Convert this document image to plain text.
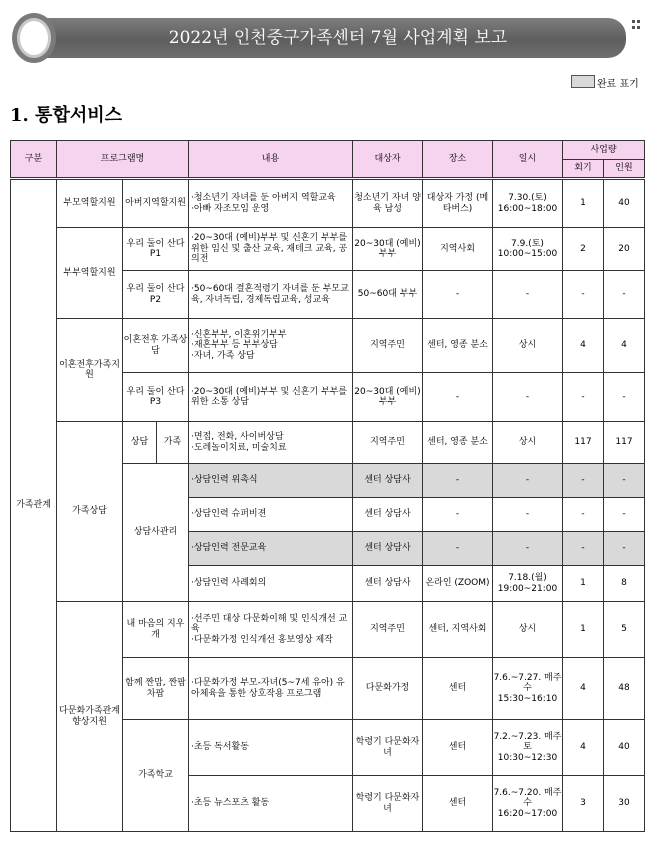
2022년 인천중구가족센터 7월 사업계획 보고
완료 표기
1. 통합서비스
구분	프로그램명			내용	대상자	장소	일시	사업량	
								회기	인원
가족관계	부모역할지원	아버지역할지원		·청소년기 자녀를 둔 아버지 역할교육
·아빠 자조모임 운영	청소년기 자녀 양육 남성	대상자 가정 (메타버스)	7.30.(토) 16:00~18:00	1	40
	부부역할지원	우리 둘이 산다 P1		·20~30대 (예비)부부 및 신혼기 부부를 위한 임신 및 출산 교육, 재테크 교육, 공의전	20~30대 (예비)부부	지역사회	7.9.(토) 10:00~15:00	2	20
		우리 둘이 산다 P2		·50~60대 결혼적령기 자녀를 둔 부모교육, 자녀독립, 경제독립교육, 성교육	50~60대 부부	-	-	-	-
	이혼전후가족지원	이혼전후 가족상담		·신혼부부, 이혼위기부부
·재혼부부 등 부부상담
·자녀, 가족 상담	지역주민	센터, 영종 분소	상시	4	4
		우리 둘이 산다 P3		·20~30대 (예비)부부 및 신혼기 부부를 위한 소통 상담	20~30대 (예비)부부	-	-	-	-
	가족상담	상담	가족	·면접, 전화, 사이버상담
·도레놀이치료, 미술치료	지역주민	센터, 영종 분소	상시	117	117
		상담사관리		·상담인력 위촉식	센터 상담사	-	-	-	-
				·상담인력 슈퍼비젼	센터 상담사	-	-	-	-
				·상담인력 전문교육	센터 상담사	-	-	-	-
				·상담인력 사례회의	센터 상담사	온라인 (ZOOM)	7.18.(월) 19:00~21:00	1	8
	다문화가족관계향상지원	내 마음의 지우개		·선주민 대상 다문화이해 및 인식개선 교육
·다문화가정 인식개선 홍보영상 제작	지역주민	센터, 지역사회	상시	1	5
		함께 짠맘, 짠팝 차팝		·다문화가정 부모-자녀(5~7세 유아) 유아체육을 통한 상호작용 프로그램	다문화가정	센터	7.6.~7.27. 매주 수 15:30~16:10	4	48
		가족학교		·초등 독서활동	학령기 다문화자녀	센터	7.2.~7.23. 매주 토 10:30~12:30	4	40
				·초등 뉴스포츠 활동	학령기 다문화자녀	센터	7.6.~7.20. 매주 수 16:20~17:00	3	30
